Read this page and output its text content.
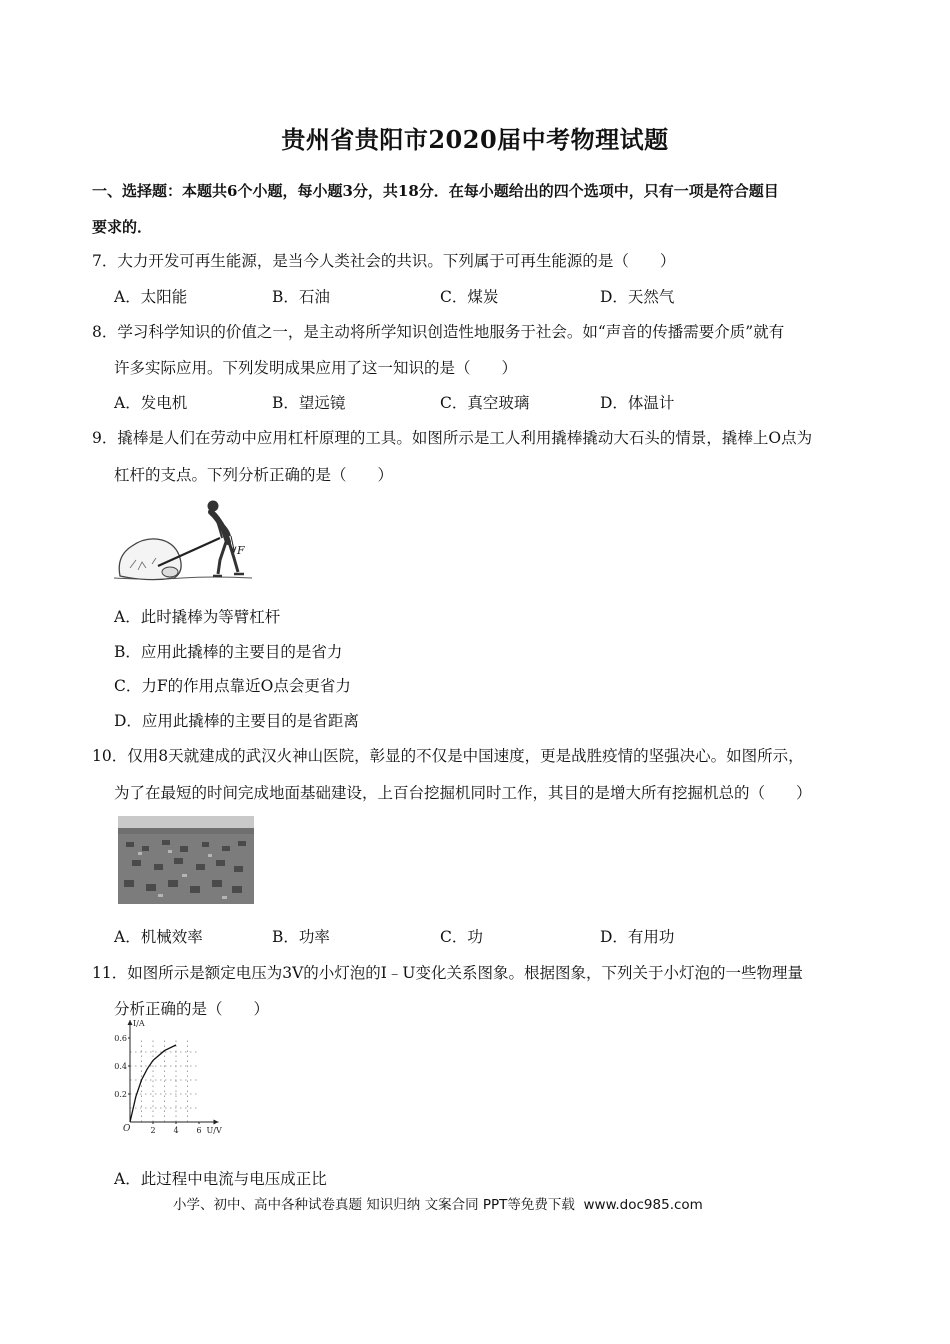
贵州省贵阳市2020届中考物理试题
一、选择题：本题共6个小题，每小题3分，共18分．在每小题给出的四个选项中，只有一项是符合题目
要求的．
7．大力开发可再生能源，是当今人类社会的共识。下列属于可再生能源的是（　　）
A．太阳能	B．石油	C．煤炭	D．天然气
8．学习科学知识的价值之一，是主动将所学知识创造性地服务于社会。如“声音的传播需要介质”就有
许多实际应用。下列发明成果应用了这一知识的是（　　）
A．发电机	B．望远镜	C．真空玻璃	D．体温计
9．撬棒是人们在劳动中应用杠杆原理的工具。如图所示是工人利用撬棒撬动大石头的情景，撬棒上O点为
杠杆的支点。下列分析正确的是（　　）
F
A．此时撬棒为等臂杠杆
B．应用此撬棒的主要目的是省力
C．力F的作用点靠近O点会更省力
D．应用此撬棒的主要目的是省距离
10．仅用8天就建成的武汉火神山医院，彰显的不仅是中国速度，更是战胜疫情的坚强决心。如图所示，
为了在最短的时间完成地面基础建设，上百台挖掘机同时工作，其目的是增大所有挖掘机总的（　　）
A．机械效率	B．功率	C．功	D．有用功
11．如图所示是额定电压为3V的小灯泡的I﹣U变化关系图象。根据图象，下列关于小灯泡的一些物理量
分析正确的是（　　）
0.2
0.4
0.6
2 4 6
O
I/A
U/V
A．此过程中电流与电压成正比
小学、初中、高中各种试卷真题 知识归纳 文案合同 PPT等免费下载 www.doc985.com
